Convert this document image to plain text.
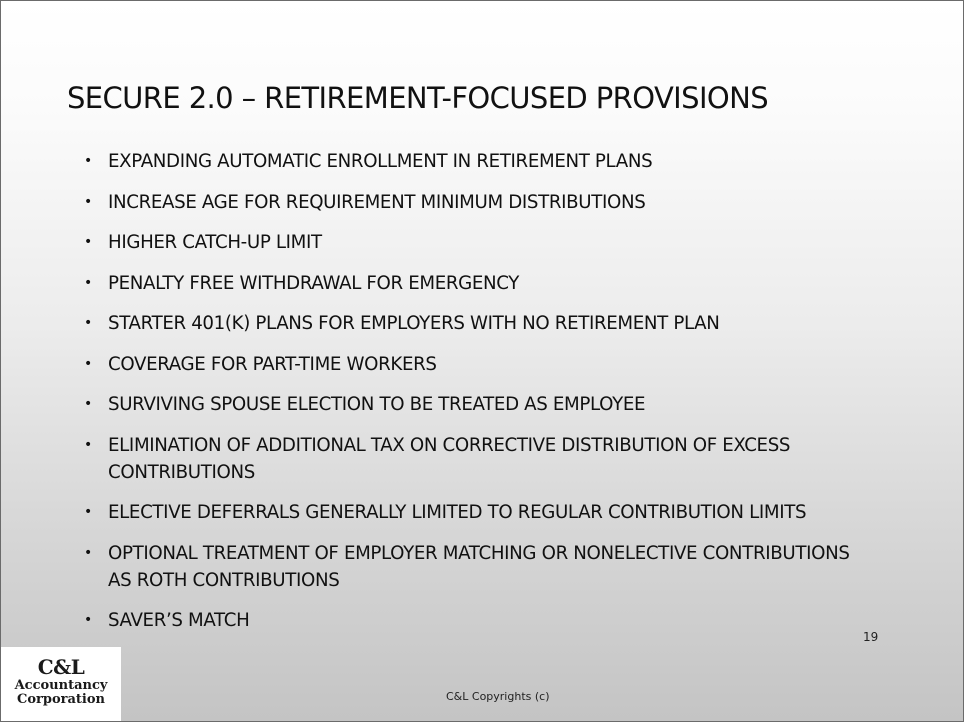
SECURE 2.0 – RETIREMENT-FOCUSED PROVISIONS
• EXPANDING AUTOMATIC ENROLLMENT IN RETIREMENT PLANS
• INCREASE AGE FOR REQUIREMENT MINIMUM DISTRIBUTIONS
• HIGHER CATCH-UP LIMIT
• PENALTY FREE WITHDRAWAL FOR EMERGENCY
• STARTER 401(K) PLANS FOR EMPLOYERS WITH NO RETIREMENT PLAN
• COVERAGE FOR PART-TIME WORKERS
• SURVIVING SPOUSE ELECTION TO BE TREATED AS EMPLOYEE
• ELIMINATION OF ADDITIONAL TAX ON CORRECTIVE DISTRIBUTION OF EXCESS CONTRIBUTIONS
• ELECTIVE DEFERRALS GENERALLY LIMITED TO REGULAR CONTRIBUTION LIMITS
• OPTIONAL TREATMENT OF EMPLOYER MATCHING OR NONELECTIVE CONTRIBUTIONS AS ROTH CONTRIBUTIONS
• SAVER’S MATCH
19
C&L Copyrights (c)
C&L
Accountancy
Corporation
